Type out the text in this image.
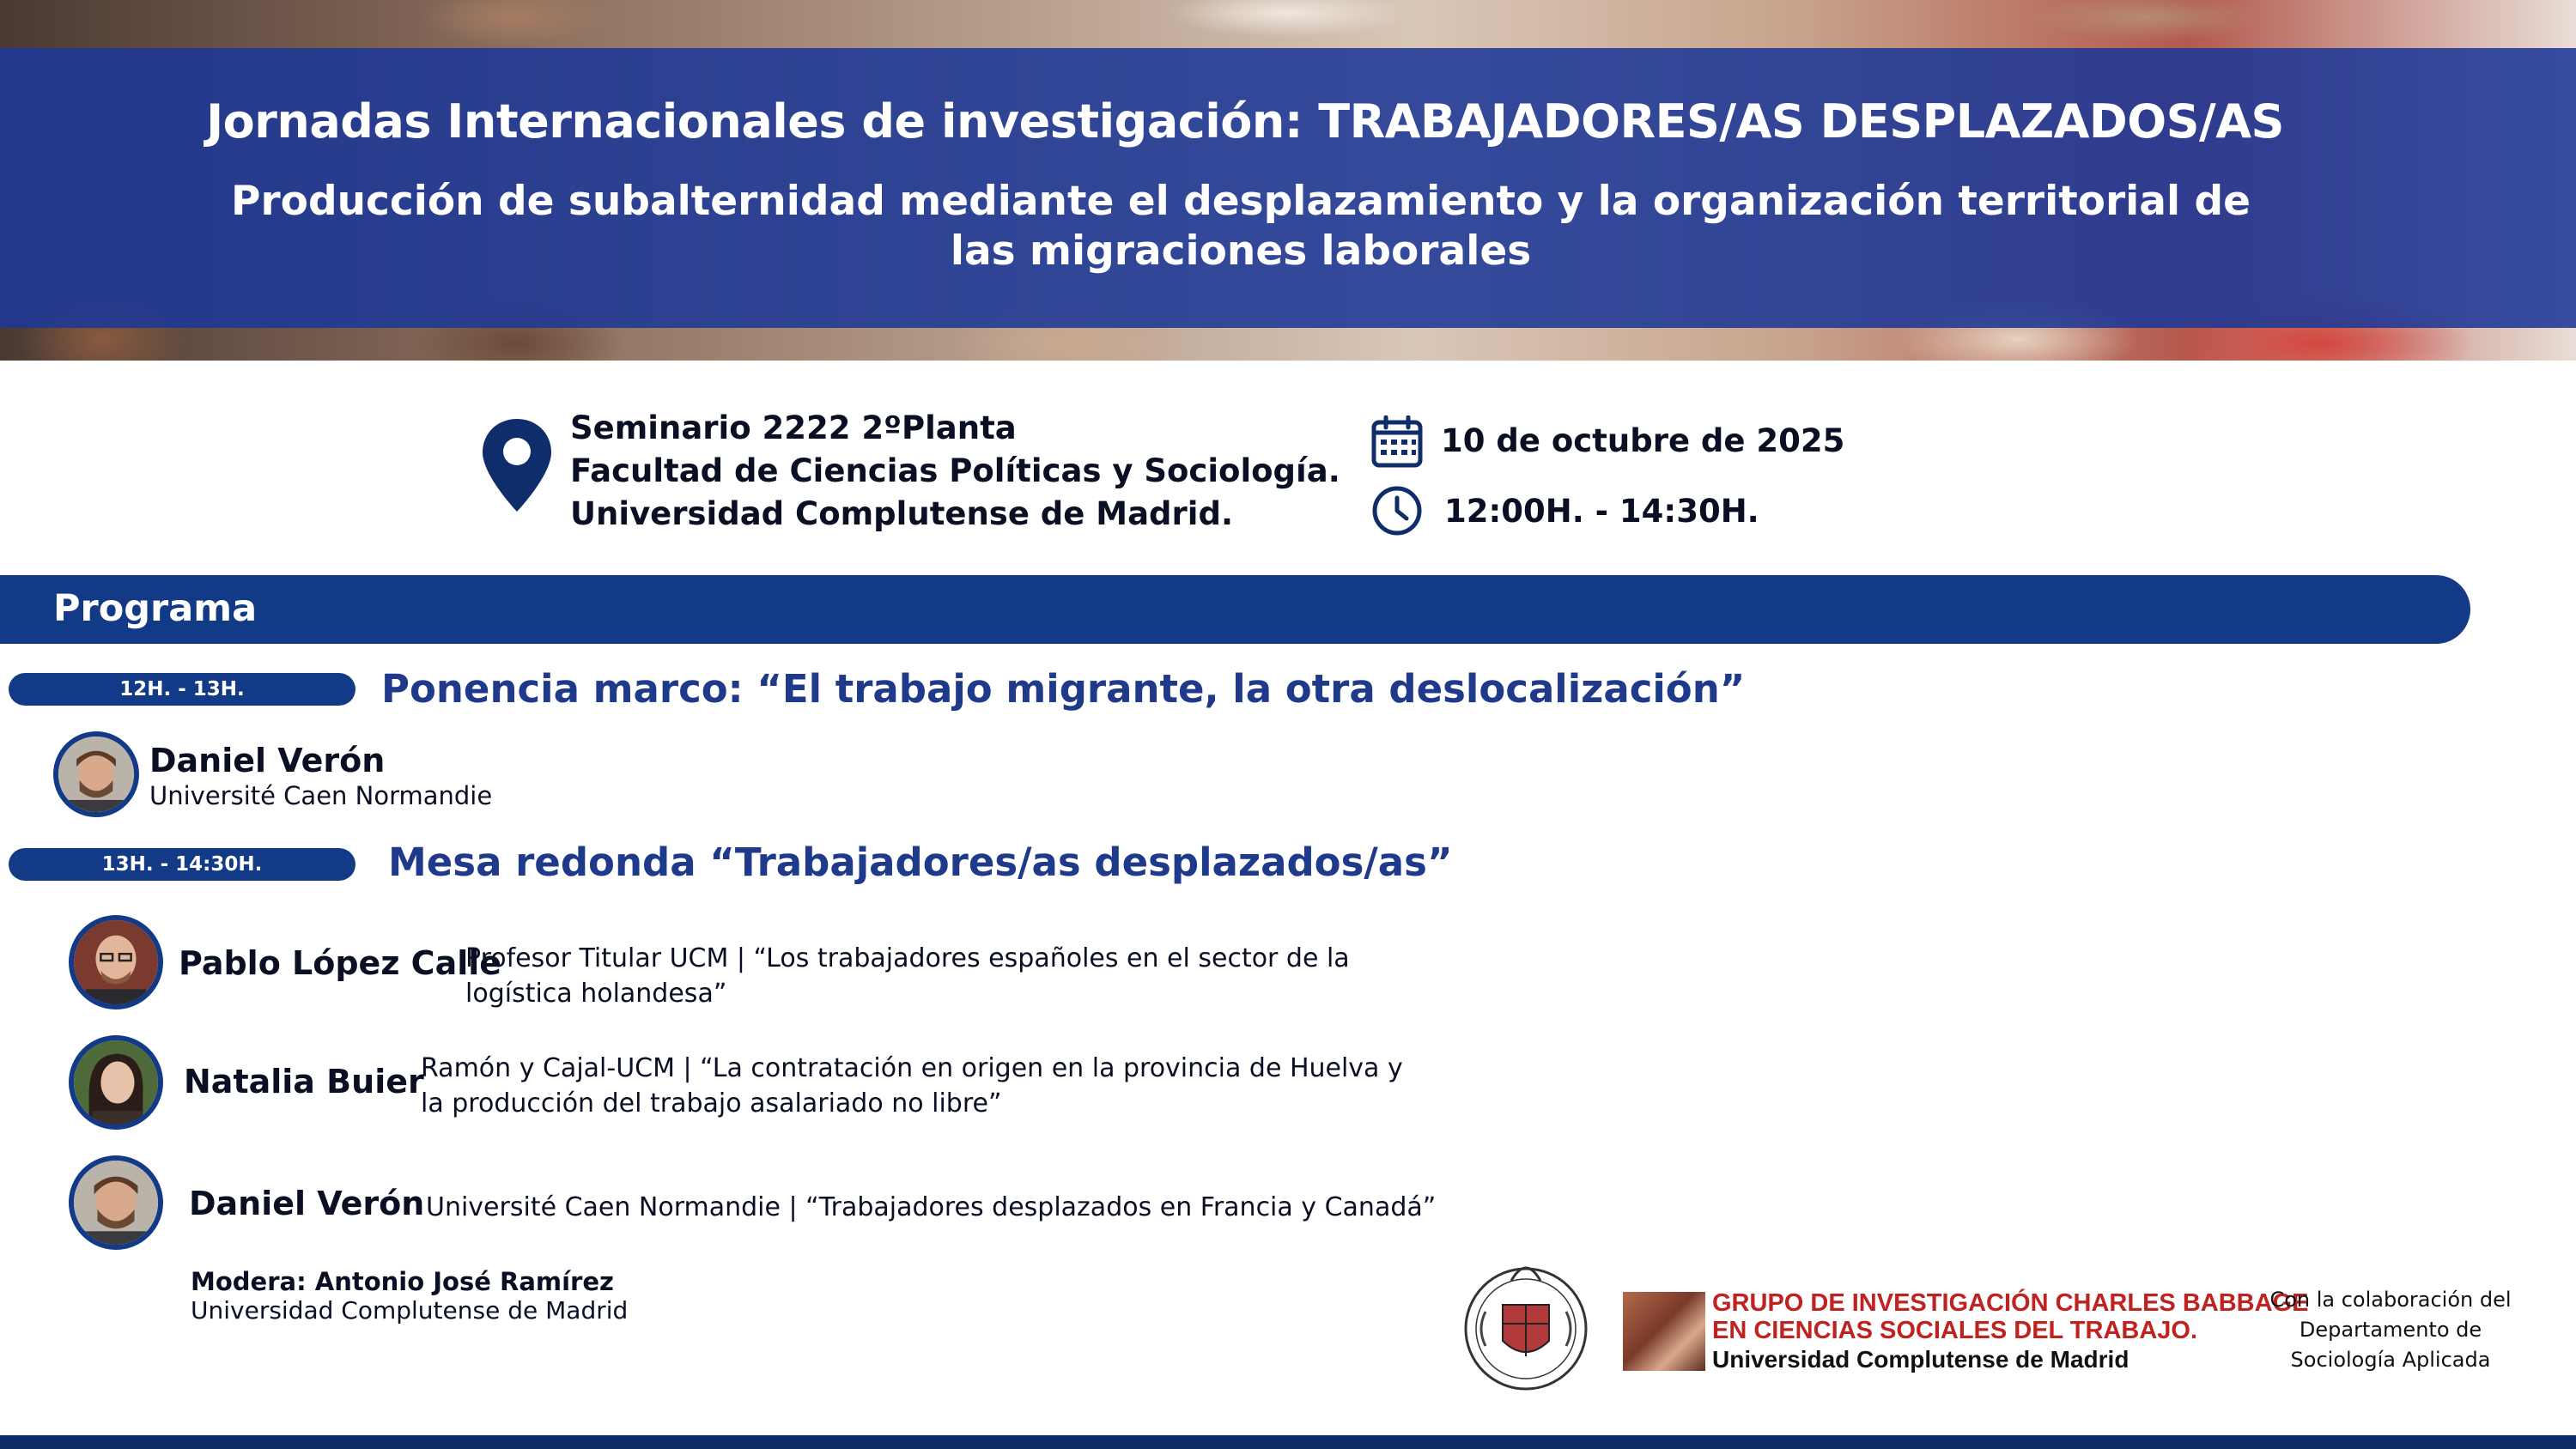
Jornadas Internacionales de investigación: TRABAJADORES/AS DESPLAZADOS/AS
Producción de subalternidad mediante el desplazamiento y la organización territorial de
las migraciones laborales
Seminario 2222 2ºPlanta
Facultad de Ciencias Políticas y Sociología.
Universidad Complutense de Madrid.
10 de octubre de 2025
12:00H. - 14:30H.
Programa
12H. - 13H.	Ponencia marco: “El trabajo migrante, la otra deslocalización”
Daniel Verón
Université Caen Normandie
13H. - 14:30H.	Mesa redonda “Trabajadores/as desplazados/as”
Pablo López Calle
Profesor Titular UCM | “Los trabajadores españoles en el sector de la
logística holandesa”
Natalia Buier
Ramón y Cajal-UCM | “La contratación en origen en la provincia de Huelva y
la producción del trabajo asalariado no libre”
Daniel Verón Université Caen Normandie | “Trabajadores desplazados en Francia y Canadá”
Modera: Antonio José Ramírez
Universidad Complutense de Madrid	GRUPO DE INVESTIGACIÓN CHARLES BABBAGE
EN CIENCIAS SOCIALES DEL TRABAJO.
Universidad Complutense de Madrid
Con la colaboración del
Departamento de
Sociología Aplicada
